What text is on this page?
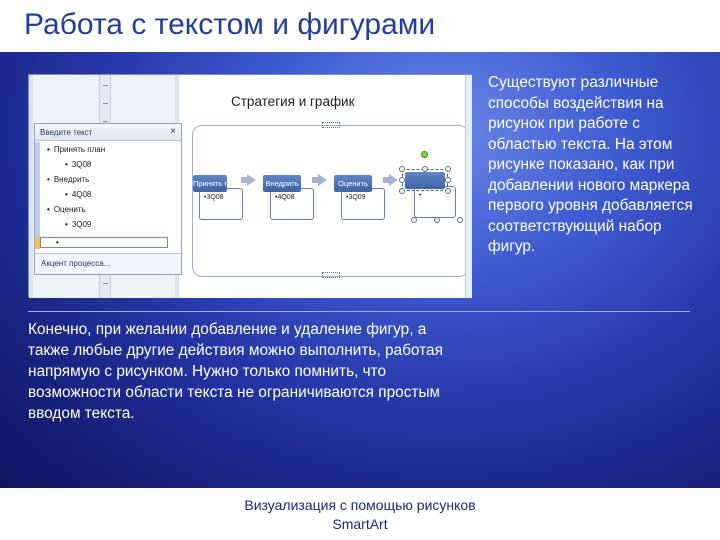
Работа с текстом и фигурами
Стратегия и график
•3Q08
Принять план
•4Q08
Внедрить
•3Q09
Оценить
•
Введите текст	×
• Принять план
• 3Q08
• Внедрить
• 4Q08
• Оценить
• 3Q09
•
Акцент процесса...
Существуют различные способы воздействия на рисунок при работе с областью текста. На этом рисунке показано, как при добавлении нового маркера первого уровня добавляется соответствующий набор фигур.
Конечно, при желании добавление и удаление фигур, а также любые другие действия можно выполнить, работая напрямую с рисунком. Нужно только помнить, что возможности области текста не ограничиваются простым вводом текста.
Визуализация с помощью рисунков SmartArt
